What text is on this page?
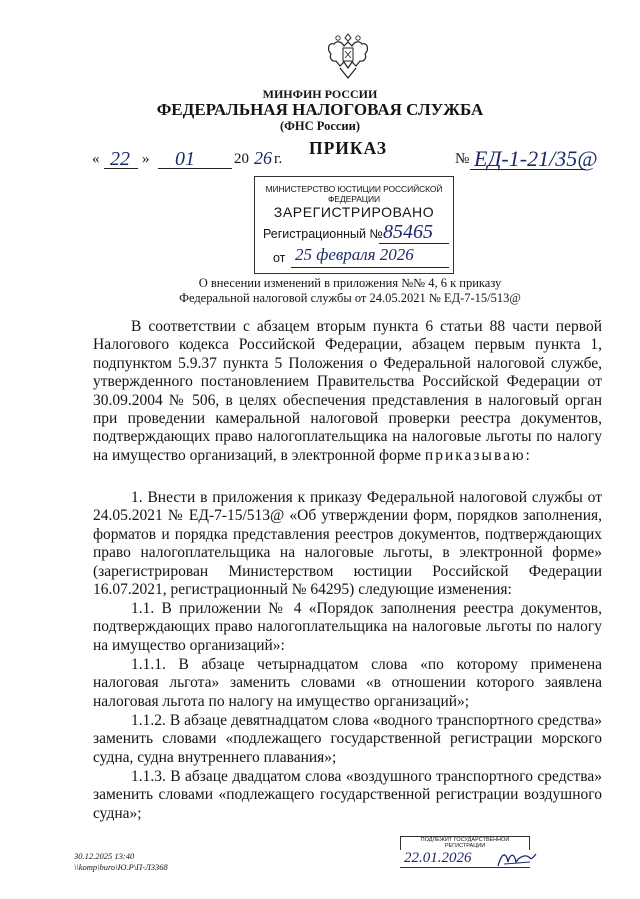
МИНФИН РОССИИ
ФЕДЕРАЛЬНАЯ НАЛОГОВАЯ СЛУЖБА
(ФНС России)
ПРИКАЗ
« 22 » 01	20 26 г.	№ ЕД-1-21/35@
МИНИСТЕРСТВО ЮСТИЦИИ РОССИЙСКОЙ ФЕДЕРАЦИИ
ЗАРЕГИСТРИРОВАНО
Регистрационный № 85465
от 25 февраля 2026
О внесении изменений в приложения №№ 4, 6 к приказу
Федеральной налоговой службы от 24.05.2021 № ЕД-7-15/513@
В соответствии с абзацем вторым пункта 6 статьи 88 части первой Налогового кодекса Российской Федерации, абзацем первым пункта 1, подпунктом 5.9.37 пункта 5 Положения о Федеральной налоговой службе, утвержденного постановлением Правительства Российской Федерации от 30.09.2004 № 506, в целях обеспечения представления в налоговый орган при проведении камеральной налоговой проверки реестра документов, подтверждающих право налогоплательщика на налоговые льготы по налогу на имущество организаций, в электронной форме приказываю:
1. Внести в приложения к приказу Федеральной налоговой службы от 24.05.2021 № ЕД-7-15/513@ «Об утверждении форм, порядков заполнения, форматов и порядка представления реестров документов, подтверждающих право налогоплательщика на налоговые льготы, в электронной форме» (зарегистрирован Министерством юстиции Российской Федерации 16.07.2021, регистрационный № 64295) следующие изменения:
1.1. В приложении № 4 «Порядок заполнения реестра документов, подтверждающих право налогоплательщика на налоговые льготы по налогу на имущество организаций»:
1.1.1. В абзаце четырнадцатом слова «по которому применена налоговая льгота» заменить словами «в отношении которого заявлена налоговая льгота по налогу на имущество организаций»;
1.1.2. В абзаце девятнадцатом слова «водного транспортного средства» заменить словами «подлежащего государственной регистрации морского судна, судна внутреннего плавания»;
1.1.3. В абзаце двадцатом слова «воздушного транспортного средства» заменить словами «подлежащего государственной регистрации воздушного судна»;
30.12.2025 13:40
\\komp\buro\Ю.Р\П-Л3368
ПОДЛЕЖИТ ГОСУДАРСТВЕННОЙ
РЕГИСТРАЦИИ
22.01.2026
